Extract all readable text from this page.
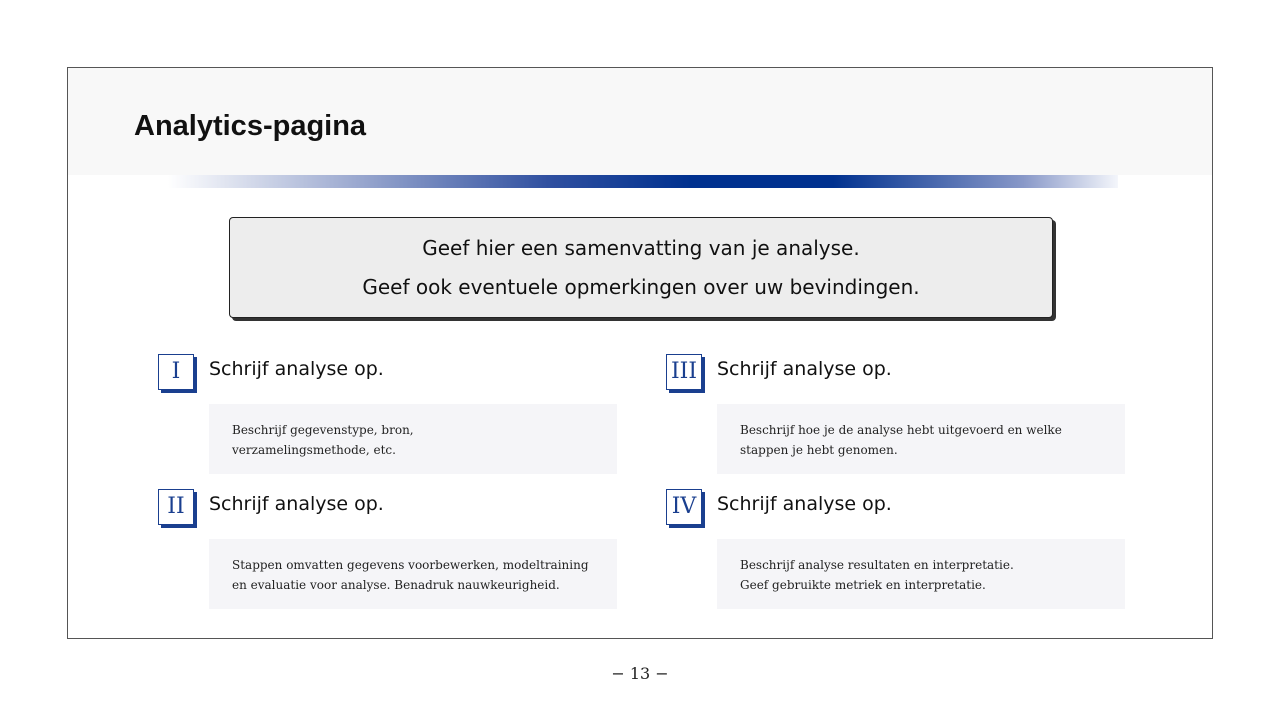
Analytics-pagina
Geef hier een samenvatting van je analyse.
Geef ook eventuele opmerkingen over uw bevindingen.
I	Schrijf analyse op.
Beschrijf gegevenstype, bron,
verzamelingsmethode, etc.
II	Schrijf analyse op.
Stappen omvatten gegevens voorbewerken, modeltraining
en evaluatie voor analyse. Benadruk nauwkeurigheid.
III Schrijf analyse op.
Beschrijf hoe je de analyse hebt uitgevoerd en welke
stappen je hebt genomen.
IV	Schrijf analyse op.
Beschrijf analyse resultaten en interpretatie.
Geef gebruikte metriek en interpretatie.
− 13 −
